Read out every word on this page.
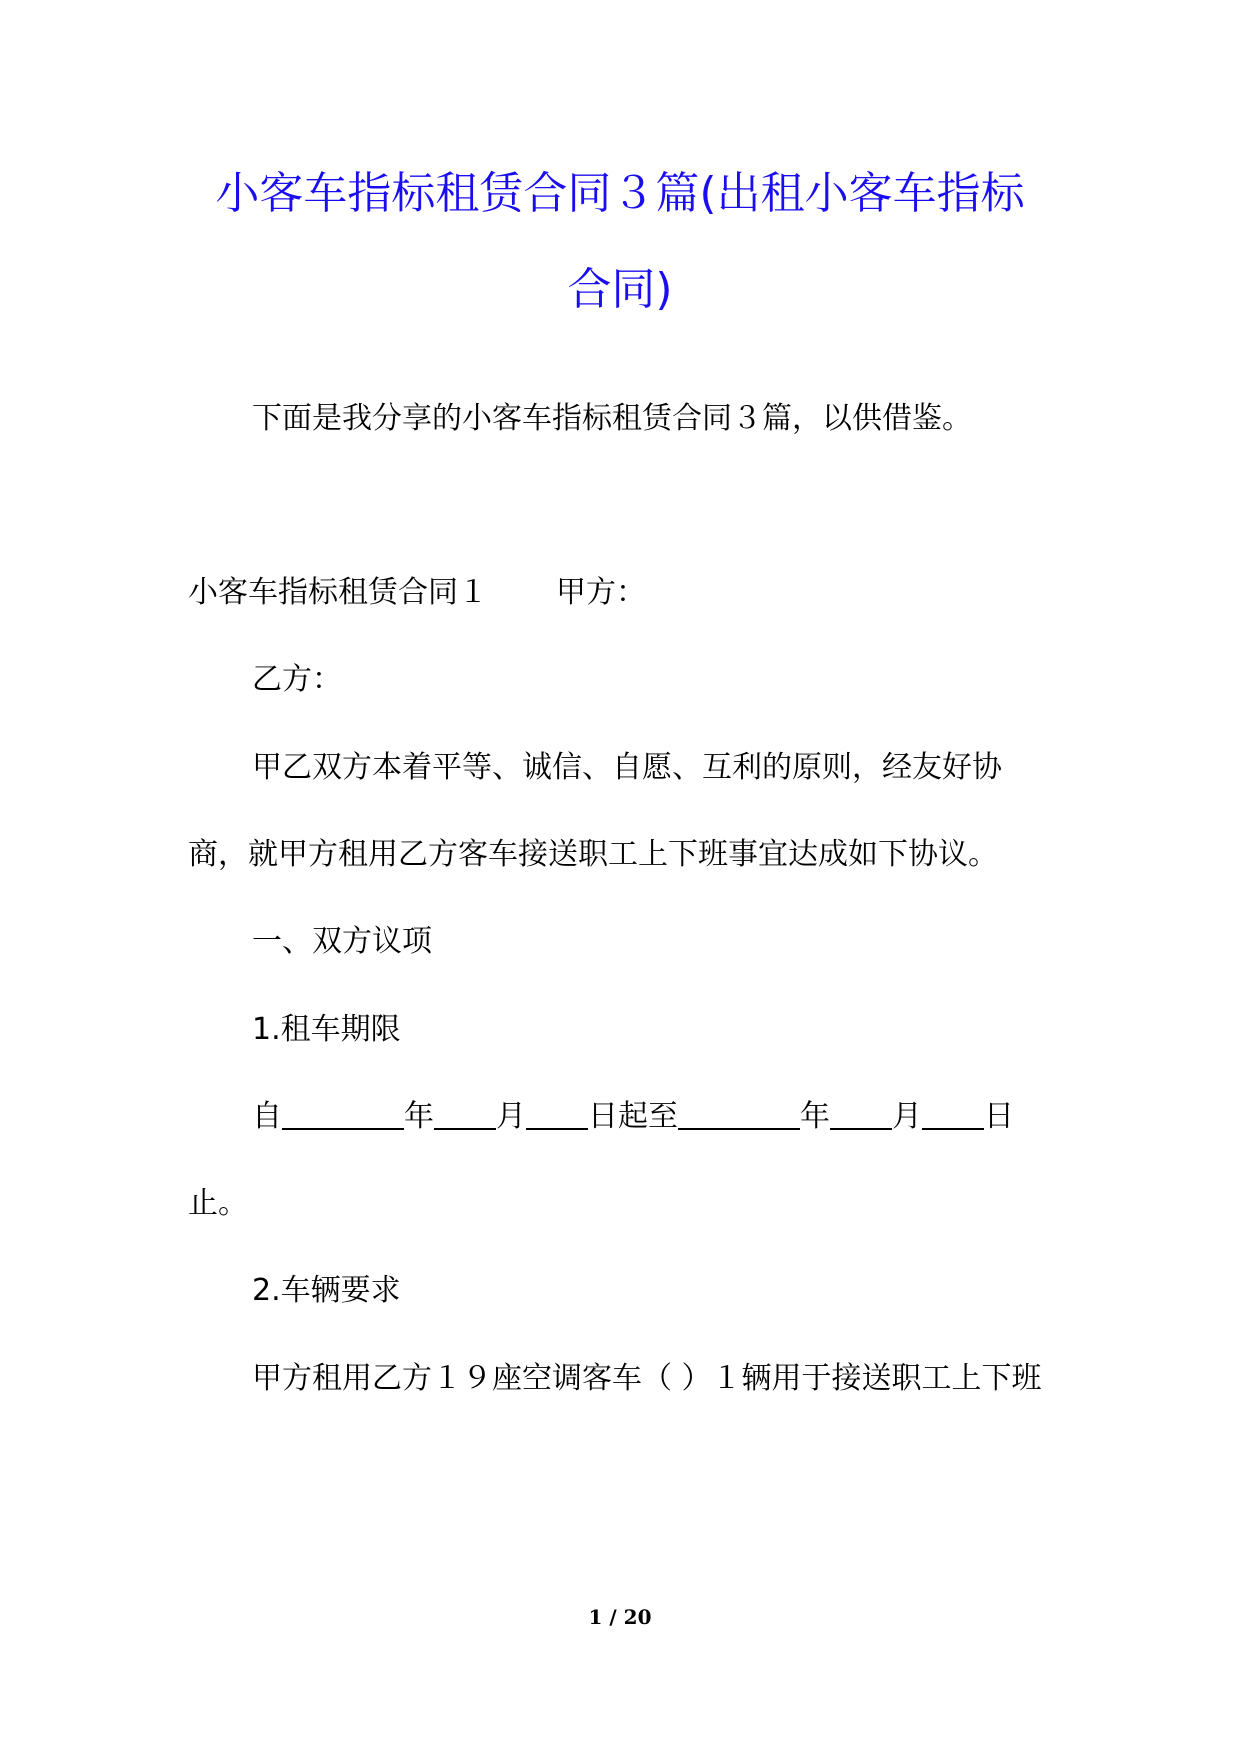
小客车指标租赁合同３篇(出租小客车指标
合同)
下面是我分享的小客车指标租赁合同３篇，以供借鉴。
小客车指标租赁合同１ 甲方：
乙方：
甲乙双方本着平等、诚信、自愿、互利的原则，经友好协
商，就甲方租用乙方客车接送职工上下班事宜达成如下协议。
一、双方议项
1.租车期限
自	年 月 日起至	年 月 日
止。
2.车辆要求
甲方租用乙方１９座空调客车（ ）１辆用于接送职工上下班
1 / 20
